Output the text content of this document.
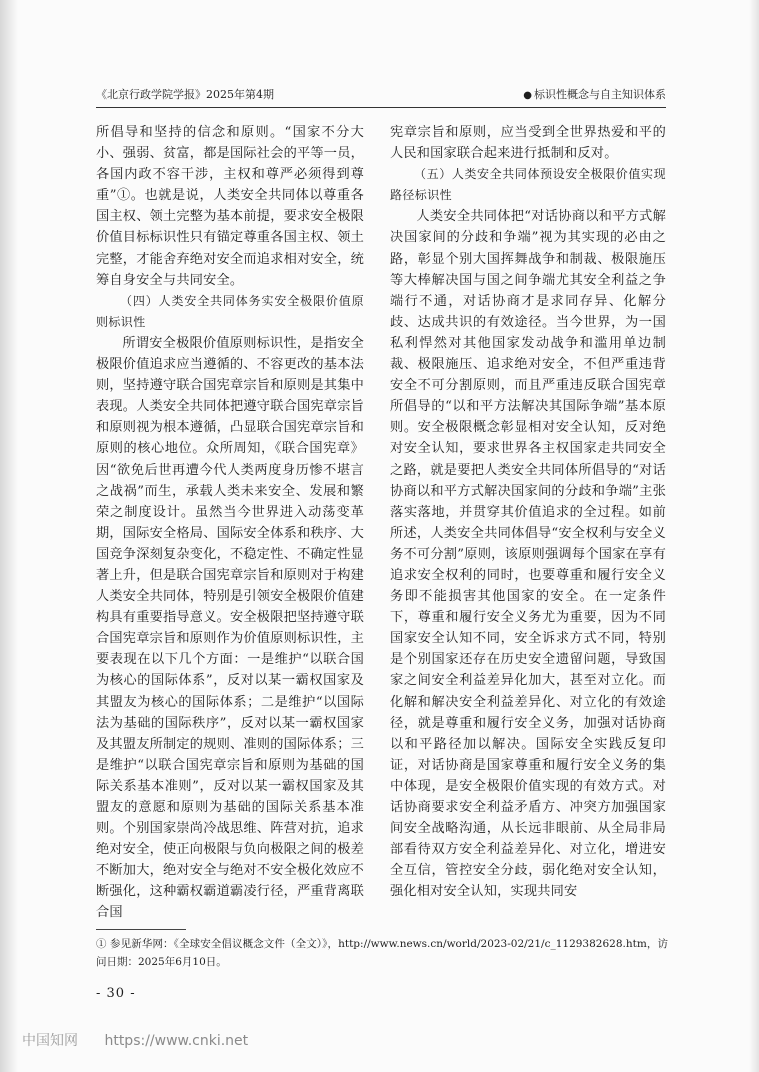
《北京行政学院学报》2025年第4期	● 标识性概念与自主知识体系

所倡导和坚持的信念和原则。“国家不分大小、强弱、贫富，都是国际社会的平等一员，各国内政不容干涉，主权和尊严必须得到尊重”①。也就是说，人类安全共同体以尊重各国主权、领土完整为基本前提，要求安全极限价值目标标识性只有锚定尊重各国主权、领土完整，才能舍弃绝对安全而追求相对安全，统筹自身安全与共同安全。

（四）人类安全共同体务实安全极限价值原则标识性

所谓安全极限价值原则标识性，是指安全极限价值追求应当遵循的、不容更改的基本法则，坚持遵守联合国宪章宗旨和原则是其集中表现。人类安全共同体把遵守联合国宪章宗旨和原则视为根本遵循，凸显联合国宪章宗旨和原则的核心地位。众所周知，《联合国宪章》因“欲免后世再遭今代人类两度身历惨不堪言之战祸”而生，承载人类未来安全、发展和繁荣之制度设计。虽然当今世界进入动荡变革期，国际安全格局、国际安全体系和秩序、大国竞争深刻复杂变化，不稳定性、不确定性显著上升，但是联合国宪章宗旨和原则对于构建人类安全共同体，特别是引领安全极限价值建构具有重要指导意义。安全极限把坚持遵守联合国宪章宗旨和原则作为价值原则标识性，主要表现在以下几个方面：一是维护“以联合国为核心的国际体系”，反对以某一霸权国家及其盟友为核心的国际体系；二是维护“以国际法为基础的国际秩序”，反对以某一霸权国家及其盟友所制定的规则、准则的国际体系；三是维护“以联合国宪章宗旨和原则为基础的国际关系基本准则”，反对以某一霸权国家及其盟友的意愿和原则为基础的国际关系基本准则。个别国家崇尚冷战思维、阵营对抗，追求绝对安全，使正向极限与负向极限之间的极差不断加大，绝对安全与绝对不安全极化效应不断强化，这种霸权霸道霸凌行径，严重背离联合国

宪章宗旨和原则，应当受到全世界热爱和平的人民和国家联合起来进行抵制和反对。

（五）人类安全共同体预设安全极限价值实现路径标识性

人类安全共同体把“对话协商以和平方式解决国家间的分歧和争端”视为其实现的必由之路，彰显个别大国挥舞战争和制裁、极限施压等大棒解决国与国之间争端尤其安全利益之争端行不通，对话协商才是求同存异、化解分歧、达成共识的有效途径。当今世界，为一国私利悍然对其他国家发动战争和滥用单边制裁、极限施压、追求绝对安全，不但严重违背安全不可分割原则，而且严重违反联合国宪章所倡导的“以和平方法解决其国际争端”基本原则。安全极限概念彰显相对安全认知，反对绝对安全认知，要求世界各主权国家走共同安全之路，就是要把人类安全共同体所倡导的“对话协商以和平方式解决国家间的分歧和争端”主张落实落地，并贯穿其价值追求的全过程。如前所述，人类安全共同体倡导“安全权利与安全义务不可分割”原则，该原则强调每个国家在享有追求安全权利的同时，也要尊重和履行安全义务即不能损害其他国家的安全。在一定条件下，尊重和履行安全义务尤为重要，因为不同国家安全认知不同，安全诉求方式不同，特别是个别国家还存在历史安全遗留问题，导致国家之间安全利益差异化加大，甚至对立化。而化解和解决安全利益差异化、对立化的有效途径，就是尊重和履行安全义务，加强对话协商以和平路径加以解决。国际安全实践反复印证，对话协商是国家尊重和履行安全义务的集中体现，是安全极限价值实现的有效方式。对话协商要求安全利益矛盾方、冲突方加强国家间安全战略沟通，从长远非眼前、从全局非局部看待双方安全利益差异化、对立化，增进安全互信，管控安全分歧，弱化绝对安全认知，强化相对安全认知，实现共同安

① 参见新华网：《全球安全倡议概念文件（全文）》，http://www.news.cn/world/2023-02/21/c_1129382628.htm，访问日期：2025年6月10日。
- 30 -
中国知网 https://www.cnki.net
